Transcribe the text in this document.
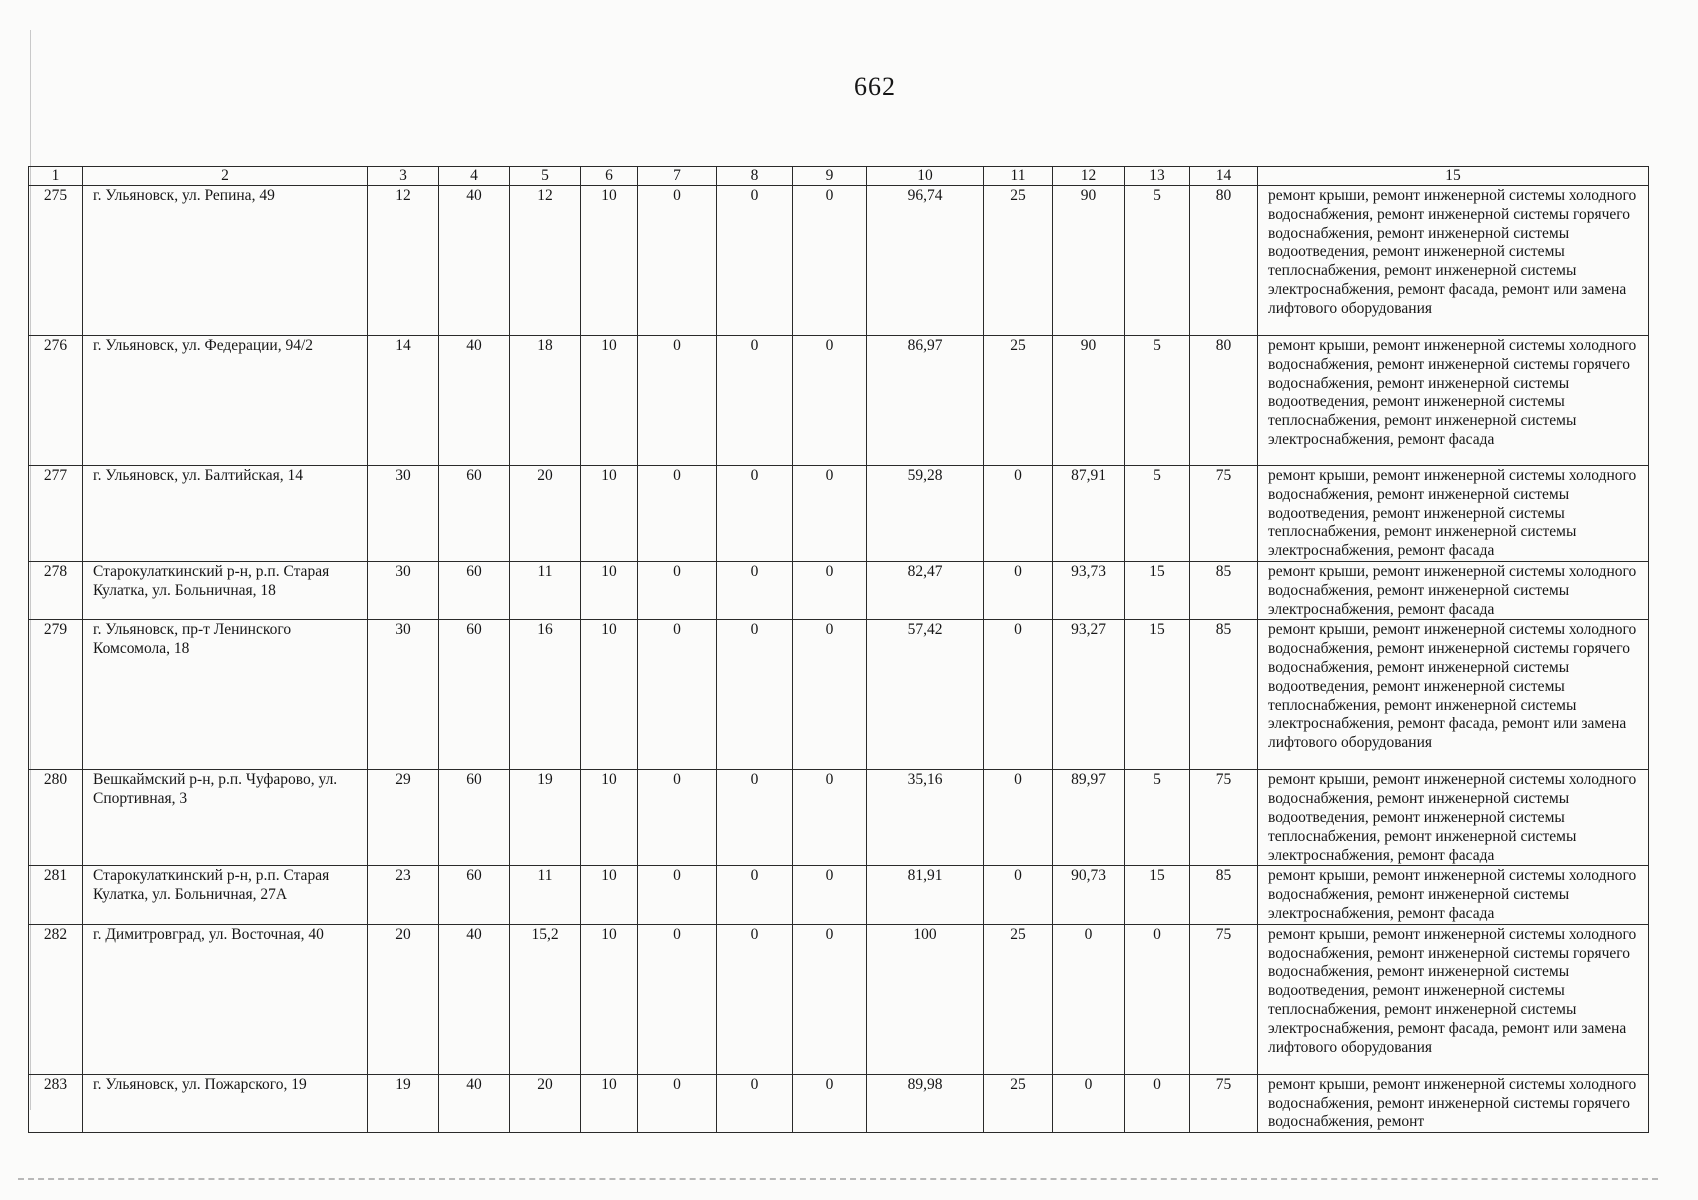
662
1	2	3	4	5	6	7	8	9	10	11	12	13	14	15
275	г. Ульяновск, ул. Репина, 49	12	40	12	10	0	0	0	96,74	25	90	5	80	ремонт крыши, ремонт инженерной системы холодного водоснабжения, ремонт инженерной системы горячего водоснабжения, ремонт инженерной системы водоотведения, ремонт инженерной системы теплоснабжения, ремонт инженерной системы электроснабжения, ремонт фасада, ремонт или замена лифтового оборудования
276	г. Ульяновск, ул. Федерации, 94/2	14	40	18	10	0	0	0	86,97	25	90	5	80	ремонт крыши, ремонт инженерной системы холодного водоснабжения, ремонт инженерной системы горячего водоснабжения, ремонт инженерной системы водоотведения, ремонт инженерной системы теплоснабжения, ремонт инженерной системы электроснабжения, ремонт фасада
277	г. Ульяновск, ул. Балтийская, 14	30	60	20	10	0	0	0	59,28	0	87,91	5	75	ремонт крыши, ремонт инженерной системы холодного водоснабжения, ремонт инженерной системы водоотведения, ремонт инженерной системы теплоснабжения, ремонт инженерной системы электроснабжения, ремонт фасада
278	Старокулаткинский р-н, р.п. Старая Кулатка, ул. Больничная, 18	30	60	11	10	0	0	0	82,47	0	93,73	15	85	ремонт крыши, ремонт инженерной системы холодного водоснабжения, ремонт инженерной системы электроснабжения, ремонт фасада
279	г. Ульяновск, пр-т Ленинского Комсомола, 18	30	60	16	10	0	0	0	57,42	0	93,27	15	85	ремонт крыши, ремонт инженерной системы холодного водоснабжения, ремонт инженерной системы горячего водоснабжения, ремонт инженерной системы водоотведения, ремонт инженерной системы теплоснабжения, ремонт инженерной системы электроснабжения, ремонт фасада, ремонт или замена лифтового оборудования
280	Вешкаймский р-н, р.п. Чуфарово, ул. Спортивная, 3	29	60	19	10	0	0	0	35,16	0	89,97	5	75	ремонт крыши, ремонт инженерной системы холодного водоснабжения, ремонт инженерной системы водоотведения, ремонт инженерной системы теплоснабжения, ремонт инженерной системы электроснабжения, ремонт фасада
281	Старокулаткинский р-н, р.п. Старая Кулатка, ул. Больничная, 27А	23	60	11	10	0	0	0	81,91	0	90,73	15	85	ремонт крыши, ремонт инженерной системы холодного водоснабжения, ремонт инженерной системы электроснабжения, ремонт фасада
282	г. Димитровград, ул. Восточная, 40	20	40	15,2	10	0	0	0	100	25	0	0	75	ремонт крыши, ремонт инженерной системы холодного водоснабжения, ремонт инженерной системы горячего водоснабжения, ремонт инженерной системы водоотведения, ремонт инженерной системы теплоснабжения, ремонт инженерной системы электроснабжения, ремонт фасада, ремонт или замена лифтового оборудования
283	г. Ульяновск, ул. Пожарского, 19	19	40	20	10	0	0	0	89,98	25	0	0	75	ремонт крыши, ремонт инженерной системы холодного водоснабжения, ремонт инженерной системы горячего водоснабжения, ремонт
